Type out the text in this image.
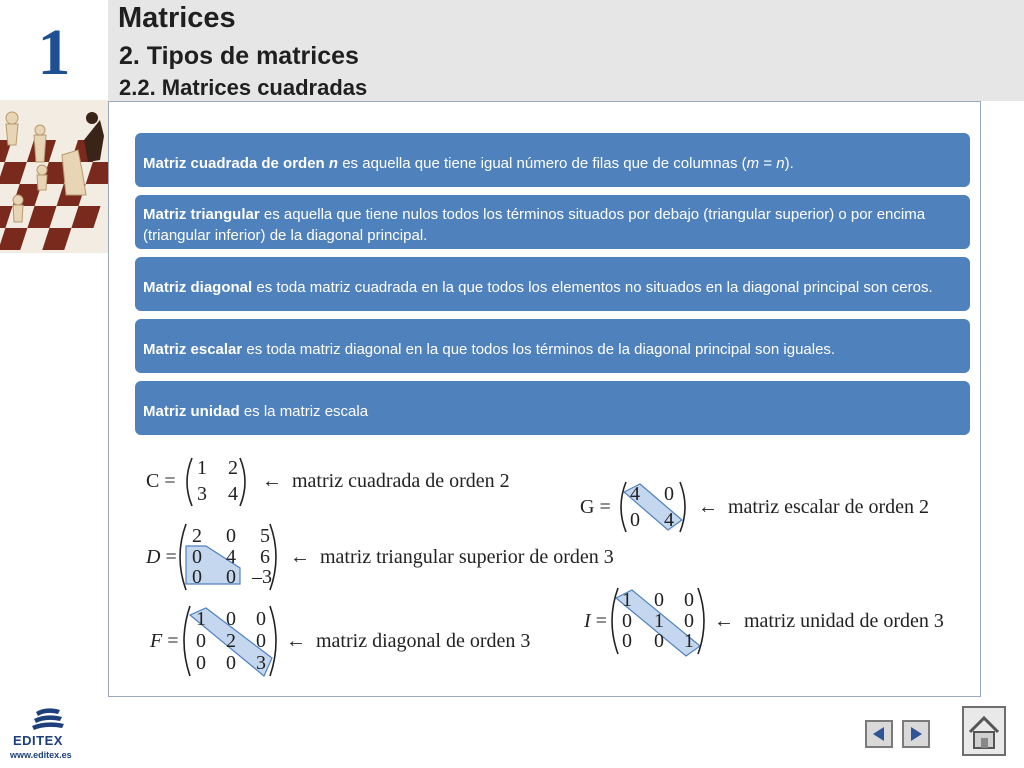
1	Matrices
2. Tipos de matrices
2.2. Matrices cuadradas
Matriz cuadrada de orden n es aquella que tiene igual número de filas que de columnas (m = n).
Matriz triangular es aquella que tiene nulos todos los términos situados por debajo (triangular superior) o por encima (triangular inferior) de la diagonal principal.
Matriz diagonal es toda matriz cuadrada en la que todos los elementos no situados en la diagonal principal son ceros.
Matriz escalar es toda matriz diagonal en la que todos los términos de la diagonal principal son iguales.
Matriz unidad es la matriz escala
C =
1 2
3 4
← matriz cuadrada de orden 2
D =
2 0 5
0 4 6
0 0 –3
← matriz triangular superior de orden 3
F =
1 0 0
0 2 0
0 0 3
← matriz diagonal de orden 3
G =
4 0
0 4
← matriz escalar de orden 2
I =
1 0 0
0 1 0
0 0 1
← matriz unidad de orden 3
EDITEX
www.editex.es
